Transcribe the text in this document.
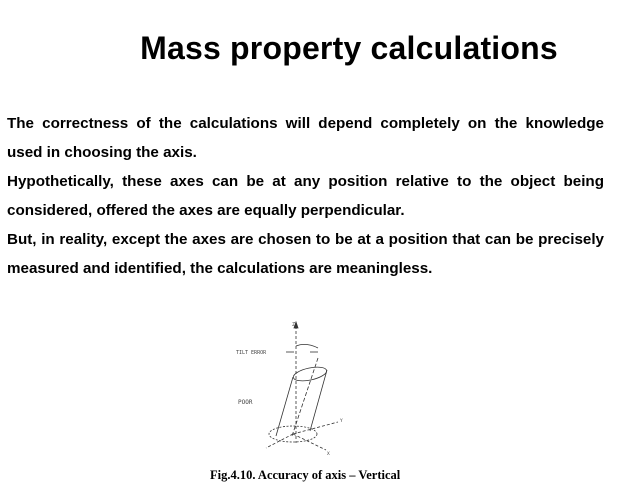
Mass property calculations

The correctness of the calculations will depend completely on the knowledge used in choosing the axis.

Hypothetically, these axes can be at any position relative to the object being considered, offered the axes are equally perpendicular.

But, in reality, except the axes are chosen to be at a position that can be precisely measured and identified, the calculations are meaningless.

Z
TILT ERROR
POOR
Y
X
Fig.4.10. Accuracy of axis – Vertical
